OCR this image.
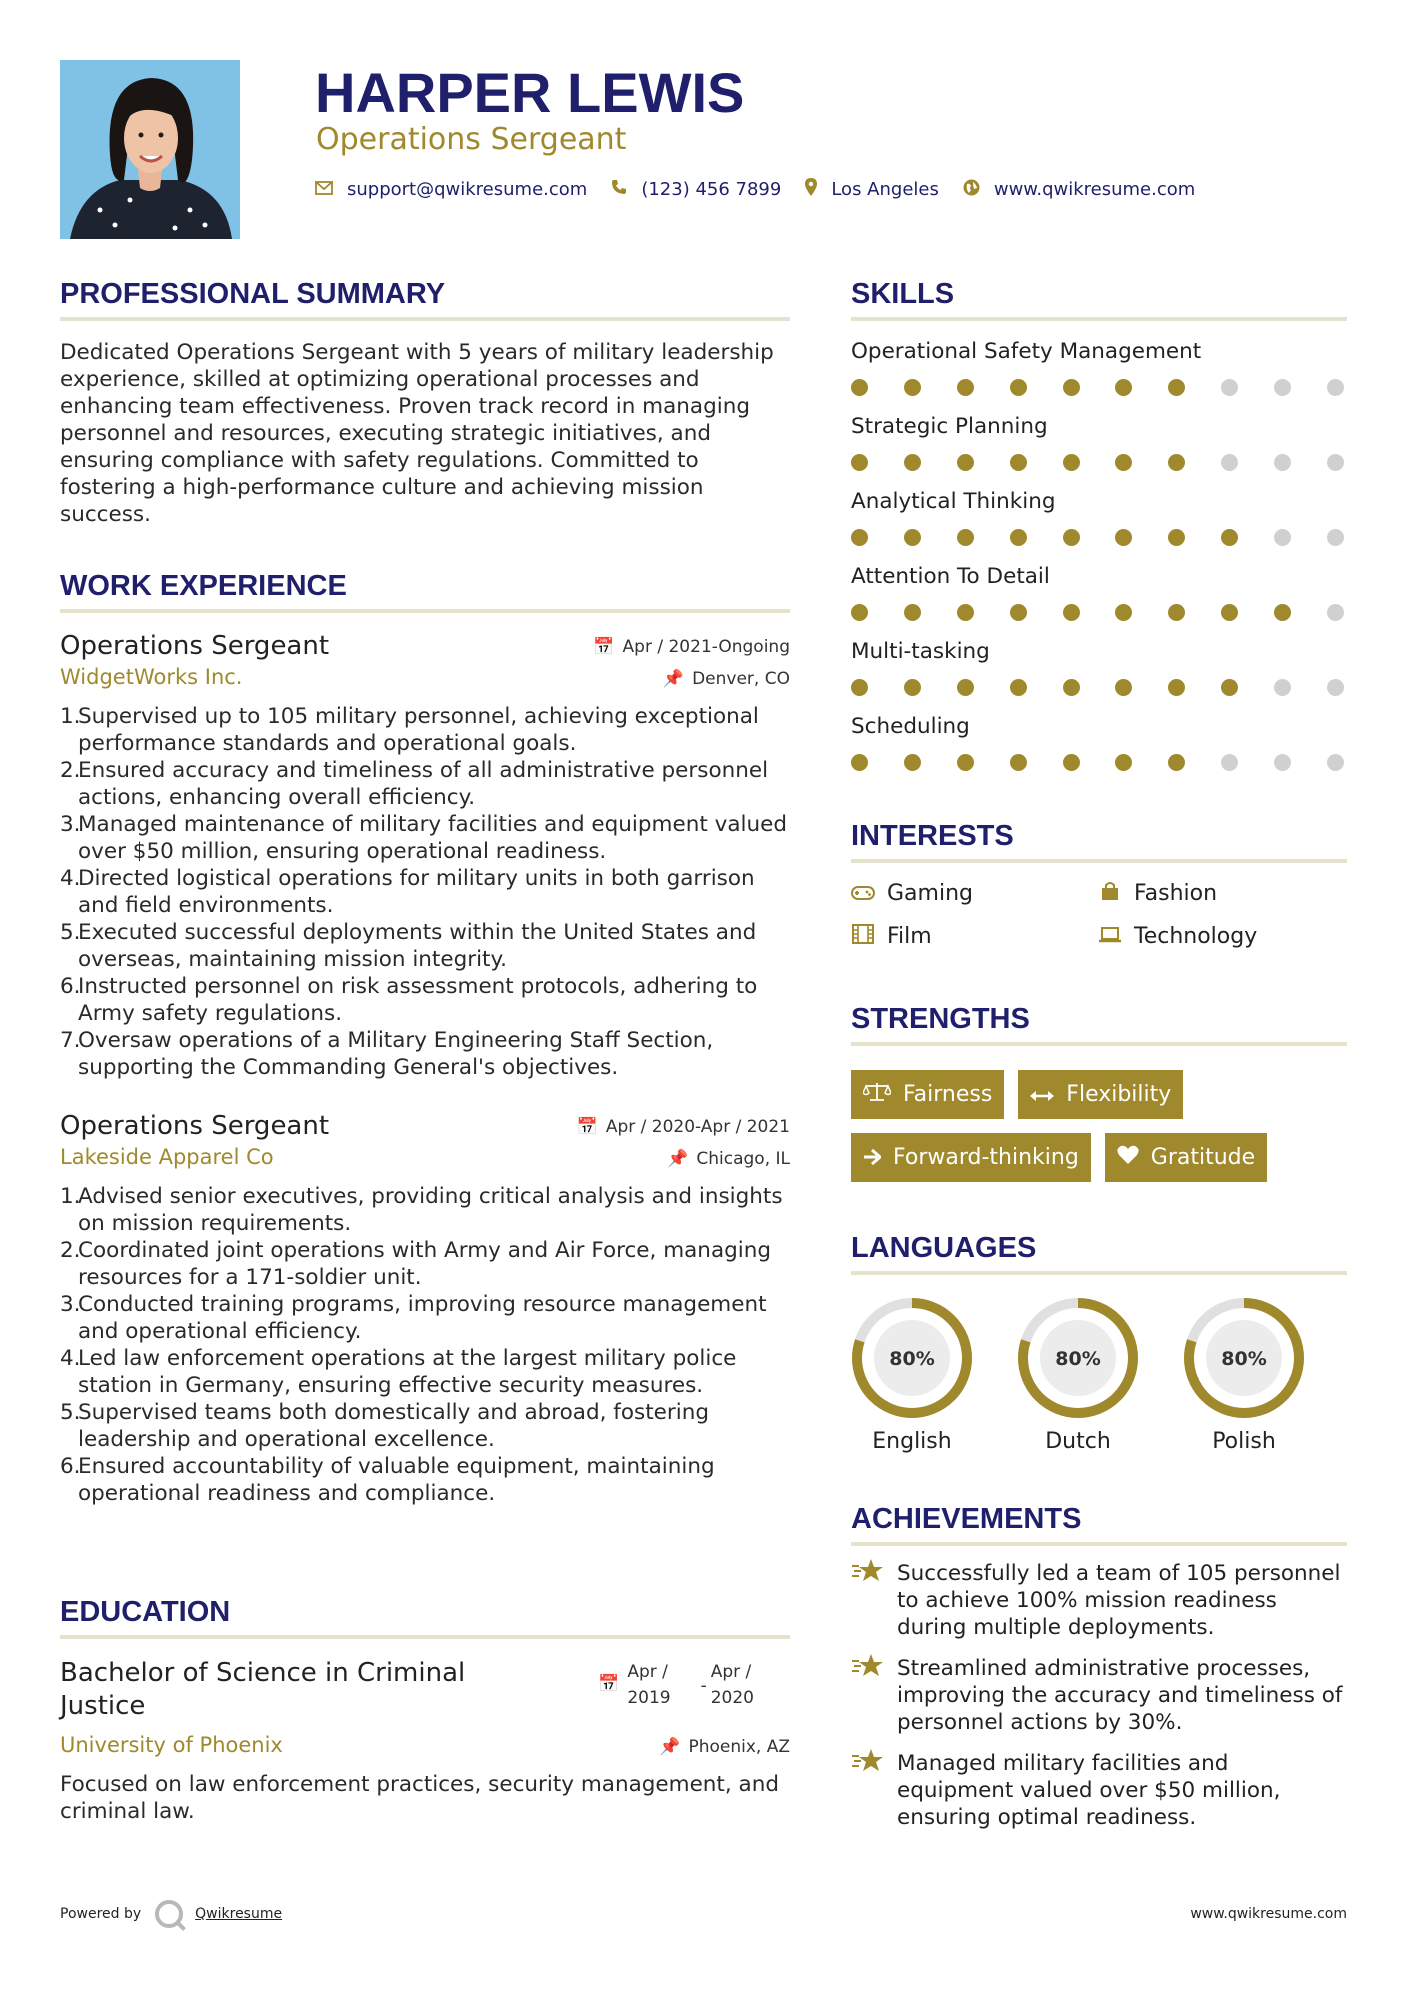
HARPER LEWIS
Operations Sergeant
support@qwikresume.com	(123) 456 7899	Los Angeles	www.qwikresume.com
PROFESSIONAL SUMMARY

Dedicated Operations Sergeant with 5 years of military leadership experience, skilled at optimizing operational processes and enhancing team effectiveness. Proven track record in managing personnel and resources, executing strategic initiatives, and ensuring compliance with safety regulations. Committed to fostering a high-performance culture and achieving mission success.

WORK EXPERIENCE
Operations Sergeant	📅 Apr / 2021-Ongoing
WidgetWorks Inc.	📌 Denver, CO
1.
Supervised up to 105 military personnel, achieving exceptional performance standards and operational goals.
2.
Ensured accuracy and timeliness of all administrative personnel actions, enhancing overall efficiency.
3.
Managed maintenance of military facilities and equipment valued over $50 million, ensuring operational readiness.
4.
Directed logistical operations for military units in both garrison and field environments.
5.
Executed successful deployments within the United States and overseas, maintaining mission integrity.
6.
Instructed personnel on risk assessment protocols, adhering to Army safety regulations.
7.
Oversaw operations of a Military Engineering Staff Section, supporting the Commanding General's objectives.
Operations Sergeant	📅 Apr / 2020-Apr / 2021
Lakeside Apparel Co	📌 Chicago, IL
1.
Advised senior executives, providing critical analysis and insights on mission requirements.
2.
Coordinated joint operations with Army and Air Force, managing resources for a 171-soldier unit.
3.
Conducted training programs, improving resource management and operational efficiency.
4.
Led law enforcement operations at the largest military police station in Germany, ensuring effective security measures.
5.
Supervised teams both domestically and abroad, fostering leadership and operational excellence.
6.
Ensured accountability of valuable equipment, maintaining operational readiness and compliance.
EDUCATION
Bachelor of Science in Criminal
Justice
📅
Apr /
2019
-
Apr /
2020
University of Phoenix	📌 Phoenix, AZ

Focused on law enforcement practices, security management, and criminal law.

SKILLS
Operational Safety Management
Strategic Planning
Analytical Thinking
Attention To Detail
Multi-tasking
Scheduling
INTERESTS
Gaming	Fashion
Film	Technology
STRENGTHS
Fairness	Flexibility
Forward-thinking	Gratitude
LANGUAGES
80%
English
80%
Dutch
80%
Polish
ACHIEVEMENTS
Successfully led a team of 105 personnel to achieve 100% mission readiness during multiple deployments.
Streamlined administrative processes, improving the accuracy and timeliness of personnel actions by 30%.
Managed military facilities and equipment valued over $50 million, ensuring optimal readiness.
Powered by	Qwikresume	www.qwikresume.com
